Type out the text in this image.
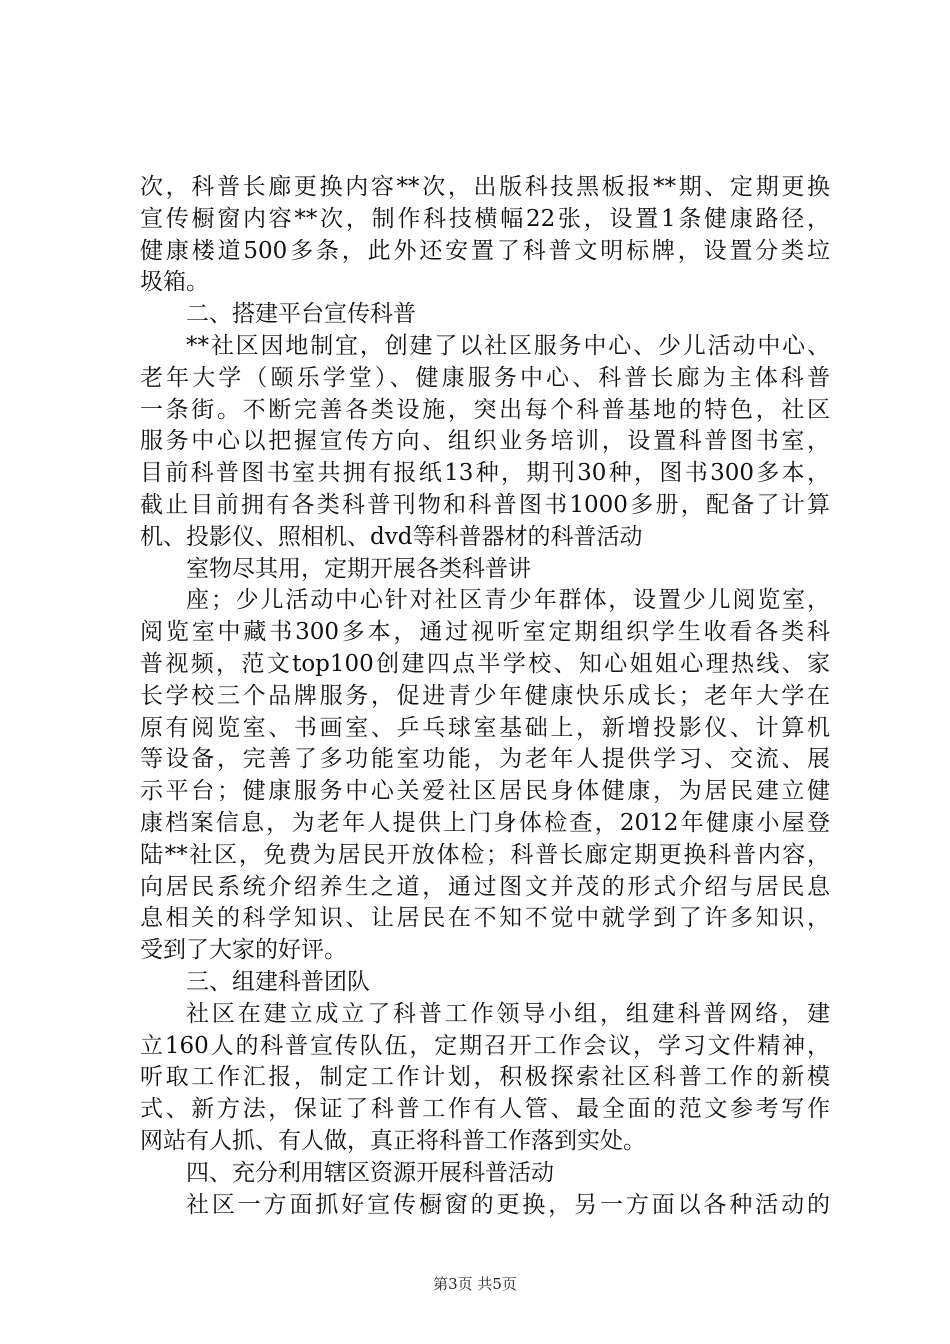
次，科普长廊更换内容**次，出版科技黑板报**期、定期更换
宣传橱窗内容**次，制作科技横幅22张，设置1条健康路径，
健康楼道500多条，此外还安置了科普文明标牌，设置分类垃
圾箱。
二、搭建平台宣传科普
**社区因地制宜，创建了以社区服务中心、少儿活动中心、
老年大学（颐乐学堂）、健康服务中心、科普长廊为主体科普
一条街。不断完善各类设施，突出每个科普基地的特色，社区
服务中心以把握宣传方向、组织业务培训，设置科普图书室，
目前科普图书室共拥有报纸13种，期刊30种，图书300多本，
截止目前拥有各类科普刊物和科普图书1000多册，配备了计算
机、投影仪、照相机、dvd等科普器材的科普活动
室物尽其用，定期开展各类科普讲
座；少儿活动中心针对社区青少年群体，设置少儿阅览室，
阅览室中藏书300多本，通过视听室定期组织学生收看各类科
普视频，范文top100创建四点半学校、知心姐姐心理热线、家
长学校三个品牌服务，促进青少年健康快乐成长；老年大学在
原有阅览室、书画室、乒乓球室基础上，新增投影仪、计算机
等设备，完善了多功能室功能，为老年人提供学习、交流、展
示平台；健康服务中心关爱社区居民身体健康，为居民建立健
康档案信息，为老年人提供上门身体检查，2012年健康小屋登
陆**社区，免费为居民开放体检；科普长廊定期更换科普内容，
向居民系统介绍养生之道，通过图文并茂的形式介绍与居民息
息相关的科学知识、让居民在不知不觉中就学到了许多知识，
受到了大家的好评。
三、组建科普团队
社区在建立成立了科普工作领导小组，组建科普网络，建
立160人的科普宣传队伍，定期召开工作会议，学习文件精神，
听取工作汇报，制定工作计划，积极探索社区科普工作的新模
式、新方法，保证了科普工作有人管、最全面的范文参考写作
网站有人抓、有人做，真正将科普工作落到实处。
四、充分利用辖区资源开展科普活动
社区一方面抓好宣传橱窗的更换，另一方面以各种活动的
第3页 共5页
